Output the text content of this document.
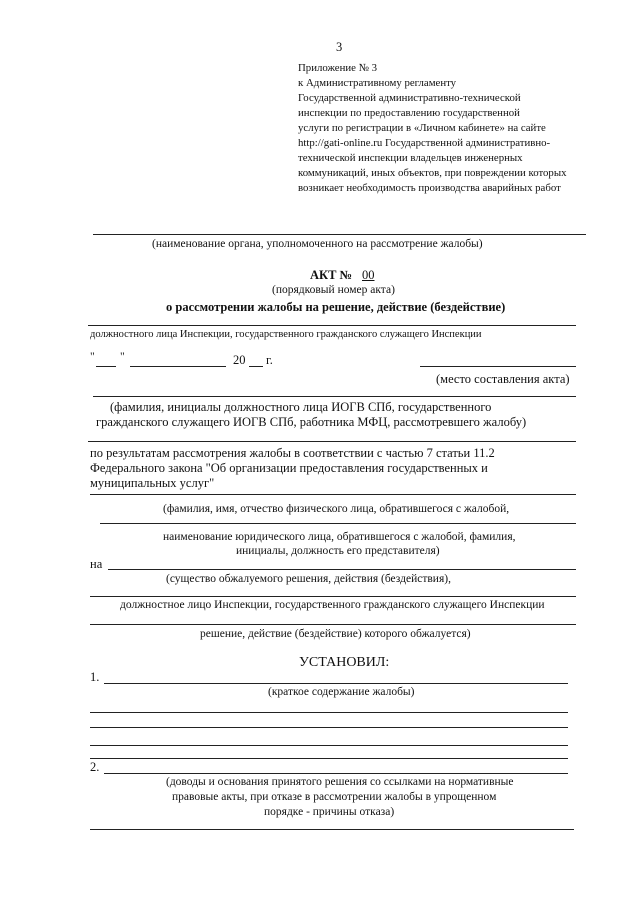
3
Приложение № 3
к Административному регламенту
Государственной административно-технической
инспекции по предоставлению государственной
услуги по регистрации в «Личном кабинете» на сайте
http://gati-online.ru Государственной административно-
технической инспекции владельцев инженерных
коммуникаций, иных объектов, при повреждении которых
возникает необходимость производства аварийных работ
(наименование органа, уполномоченного на рассмотрение жалобы)
АКТ № 00
(порядковый номер акта)
о рассмотрении жалобы на решение, действие (бездействие)
должностного лица Инспекции, государственного гражданского служащего Инспекции
" "	20 г.
(место составления акта)
(фамилия, инициалы должностного лица ИОГВ СПб, государственного
гражданского служащего ИОГВ СПб, работника МФЦ, рассмотревшего жалобу)
по результатам рассмотрения жалобы в соответствии с частью 7 статьи 11.2
Федерального закона "Об организации предоставления государственных и
муниципальных услуг"
(фамилия, имя, отчество физического лица, обратившегося с жалобой,
наименование юридического лица, обратившегося с жалобой, фамилия,
инициалы, должность его представителя)
на
(существо обжалуемого решения, действия (бездействия),
должностное лицо Инспекции, государственного гражданского служащего Инспекции
решение, действие (бездействие) которого обжалуется)
УСТАНОВИЛ:
1.
(краткое содержание жалобы)
2.
(доводы и основания принятого решения со ссылками на нормативные
правовые акты, при отказе в рассмотрении жалобы в упрощенном
порядке - причины отказа)
